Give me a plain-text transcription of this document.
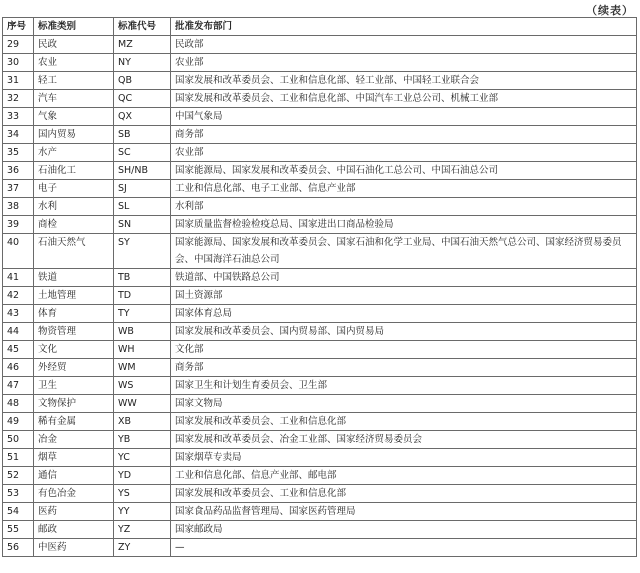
（续表）
序号	标准类别	标准代号	批准发布部门
29	民政	MZ	民政部
30	农业	NY	农业部
31	轻工	QB	国家发展和改革委员会、工业和信息化部、轻工业部、中国轻工业联合会
32	汽车	QC	国家发展和改革委员会、工业和信息化部、中国汽车工业总公司、机械工业部
33	气象	QX	中国气象局
34	国内贸易	SB	商务部
35	水产	SC	农业部
36	石油化工	SH/NB	国家能源局、国家发展和改革委员会、中国石油化工总公司、中国石油总公司
37	电子	SJ	工业和信息化部、电子工业部、信息产业部
38	水利	SL	水利部
39	商检	SN	国家质量监督检验检疫总局、国家进出口商品检验局
40	石油天然气	SY	国家能源局、国家发展和改革委员会、国家石油和化学工业局、中国石油天然气总公司、国家经济贸易委员会、中国海洋石油总公司
41	铁道	TB	铁道部、中国铁路总公司
42	土地管理	TD	国土资源部
43	体育	TY	国家体育总局
44	物资管理	WB	国家发展和改革委员会、国内贸易部、国内贸易局
45	文化	WH	文化部
46	外经贸	WM	商务部
47	卫生	WS	国家卫生和计划生育委员会、卫生部
48	文物保护	WW	国家文物局
49	稀有金属	XB	国家发展和改革委员会、工业和信息化部
50	冶金	YB	国家发展和改革委员会、冶金工业部、国家经济贸易委员会
51	烟草	YC	国家烟草专卖局
52	通信	YD	工业和信息化部、信息产业部、邮电部
53	有色冶金	YS	国家发展和改革委员会、工业和信息化部
54	医药	YY	国家食品药品监督管理局、国家医药管理局
55	邮政	YZ	国家邮政局
56	中医药	ZY	—
